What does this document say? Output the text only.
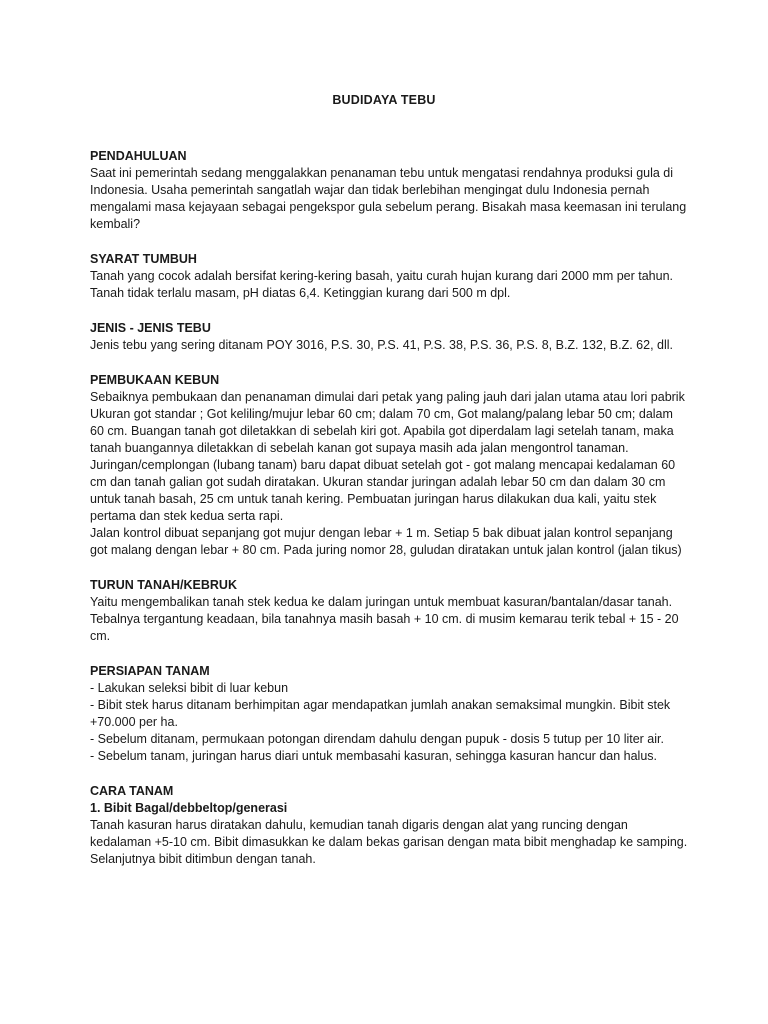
BUDIDAYA TEBU
PENDAHULUAN

Saat ini pemerintah sedang menggalakkan penanaman tebu untuk mengatasi rendahnya produksi gula di Indonesia. Usaha pemerintah sangatlah wajar dan tidak berlebihan mengingat dulu Indonesia pernah mengalami masa kejayaan sebagai pengekspor gula sebelum perang. Bisakah masa keemasan ini terulang kembali?

SYARAT TUMBUH

Tanah yang cocok adalah bersifat kering-kering basah, yaitu curah hujan kurang dari 2000 mm per tahun. Tanah tidak terlalu masam, pH diatas 6,4. Ketinggian kurang dari 500 m dpl.

JENIS - JENIS TEBU

Jenis tebu yang sering ditanam POY 3016, P.S. 30, P.S. 41, P.S. 38, P.S. 36, P.S. 8, B.Z. 132, B.Z. 62, dll.

PEMBUKAAN KEBUN

Sebaiknya pembukaan dan penanaman dimulai dari petak yang paling jauh dari jalan utama atau lori pabrik

Ukuran got standar ; Got keliling/mujur lebar 60 cm; dalam 70 cm, Got malang/palang lebar 50 cm; dalam 60 cm. Buangan tanah got diletakkan di sebelah kiri got. Apabila got diperdalam lagi setelah tanam, maka tanah buangannya diletakkan di sebelah kanan got supaya masih ada jalan mengontrol tanaman.

Juringan/cemplongan (lubang tanam) baru dapat dibuat setelah got - got malang mencapai kedalaman 60 cm dan tanah galian got sudah diratakan. Ukuran standar juringan adalah lebar 50 cm dan dalam 30 cm untuk tanah basah, 25 cm untuk tanah kering. Pembuatan juringan harus dilakukan dua kali, yaitu stek pertama dan stek kedua serta rapi.

Jalan kontrol dibuat sepanjang got mujur dengan lebar + 1 m. Setiap 5 bak dibuat jalan kontrol sepanjang got malang dengan lebar + 80 cm. Pada juring nomor 28, guludan diratakan untuk jalan kontrol (jalan tikus)

TURUN TANAH/KEBRUK

Yaitu mengembalikan tanah stek kedua ke dalam juringan untuk membuat kasuran/bantalan/dasar tanah. Tebalnya tergantung keadaan, bila tanahnya masih basah + 10 cm. di musim kemarau terik tebal + 15 - 20 cm.

PERSIAPAN TANAM

- Lakukan seleksi bibit di luar kebun

- Bibit stek harus ditanam berhimpitan agar mendapatkan jumlah anakan semaksimal mungkin. Bibit stek +70.000 per ha.

- Sebelum ditanam, permukaan potongan direndam dahulu dengan pupuk - dosis 5 tutup per 10 liter air.

- Sebelum tanam, juringan harus diari untuk membasahi kasuran, sehingga kasuran hancur dan halus.

CARA TANAM
1. Bibit Bagal/debbeltop/generasi

Tanah kasuran harus diratakan dahulu, kemudian tanah digaris dengan alat yang runcing dengan kedalaman +5-10 cm. Bibit dimasukkan ke dalam bekas garisan dengan mata bibit menghadap ke samping. Selanjutnya bibit ditimbun dengan tanah.
